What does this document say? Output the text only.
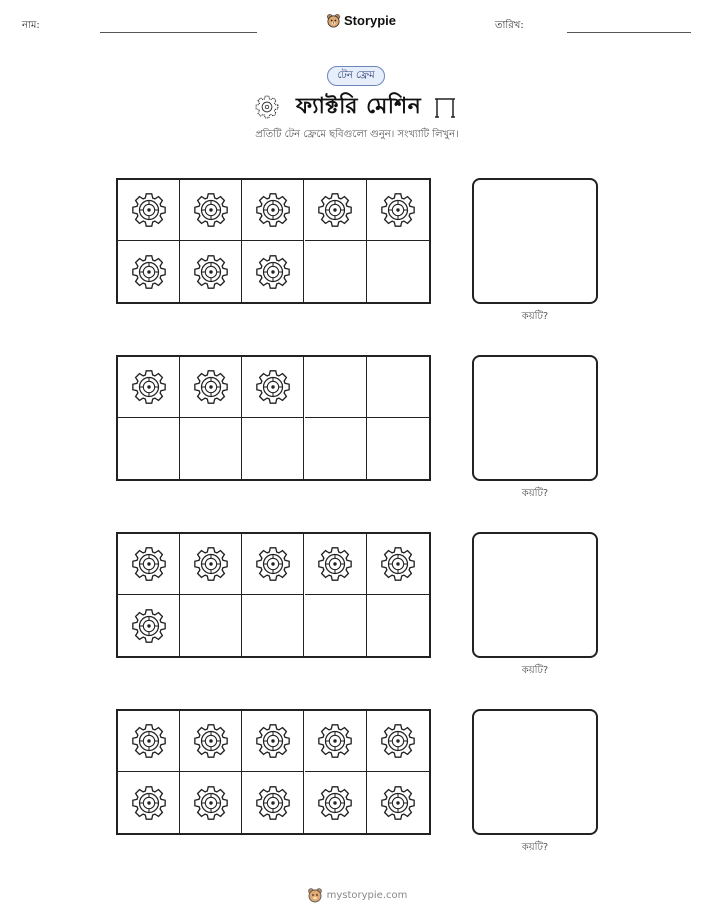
নাম:	Storypie	তারিখ:
টেন ফ্রেম
ফ্যাক্টরি মেশিন
প্রতিটি টেন ফ্রেমে ছবিগুলো গুনুন। সংখ্যাটি লিখুন।
কয়টি?
কয়টি?
কয়টি?
কয়টি?
mystorypie.com
